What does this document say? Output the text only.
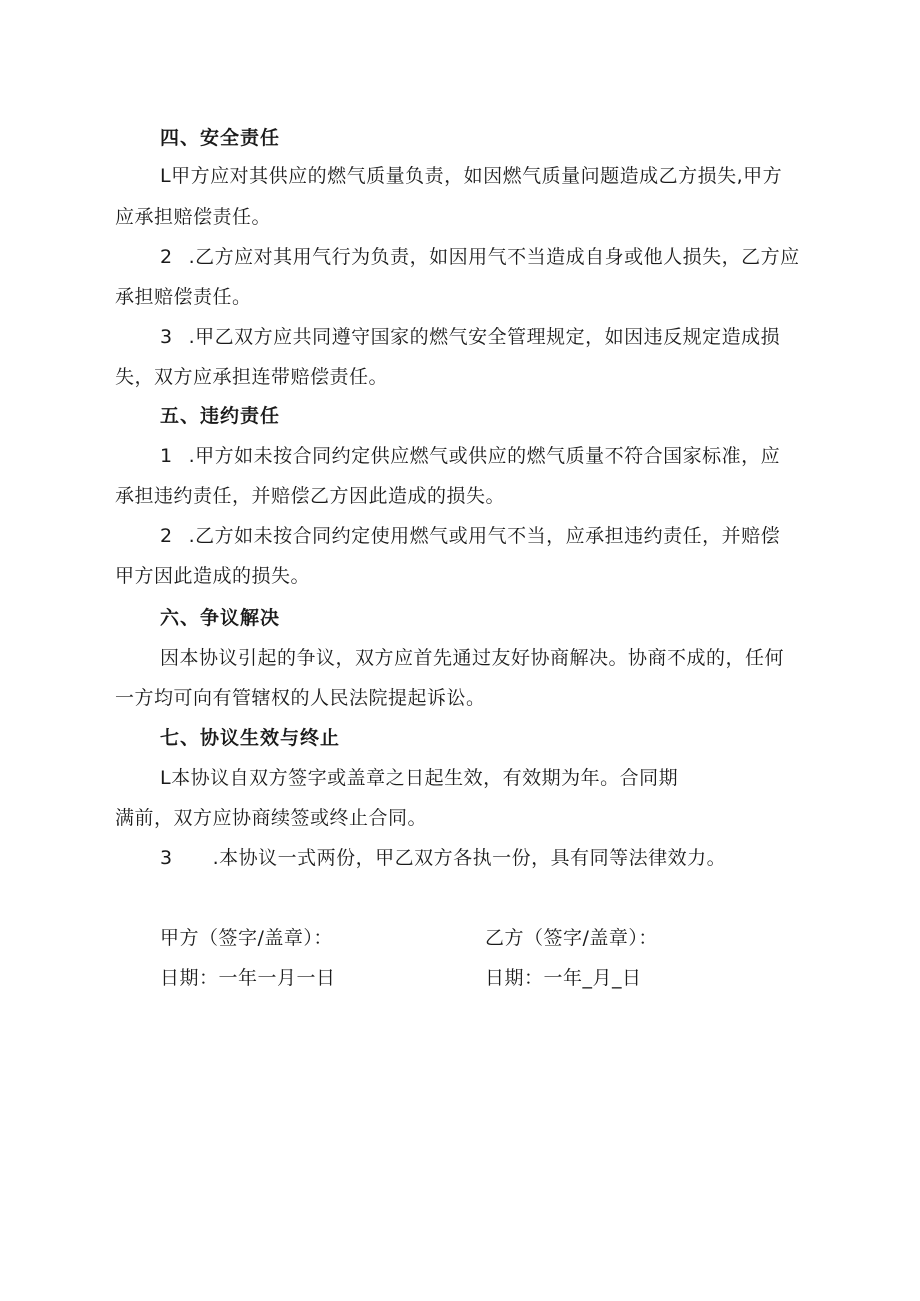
四、安全责任
L甲方应对其供应的燃气质量负责，如因燃气质量问题造成乙方损失,甲方
应承担赔偿责任。
2 .乙方应对其用气行为负责，如因用气不当造成自身或他人损失，乙方应
承担赔偿责任。
3 .甲乙双方应共同遵守国家的燃气安全管理规定，如因违反规定造成损
失，双方应承担连带赔偿责任。
五、违约责任
1 .甲方如未按合同约定供应燃气或供应的燃气质量不符合国家标准，应
承担违约责任，并赔偿乙方因此造成的损失。
2 .乙方如未按合同约定使用燃气或用气不当，应承担违约责任，并赔偿
甲方因此造成的损失。
六、争议解决
因本协议引起的争议，双方应首先通过友好协商解决。协商不成的，任何
一方均可向有管辖权的人民法院提起诉讼。
七、协议生效与终止
L本协议自双方签字或盖章之日起生效，有效期为年。合同期
满前，双方应协商续签或终止合同。
3 .本协议一式两份，甲乙双方各执一份，具有同等法律效力。
甲方（签字/盖章）：	乙方（签字/盖章）：
日期：一年一月一日	日期：一年_月_日
